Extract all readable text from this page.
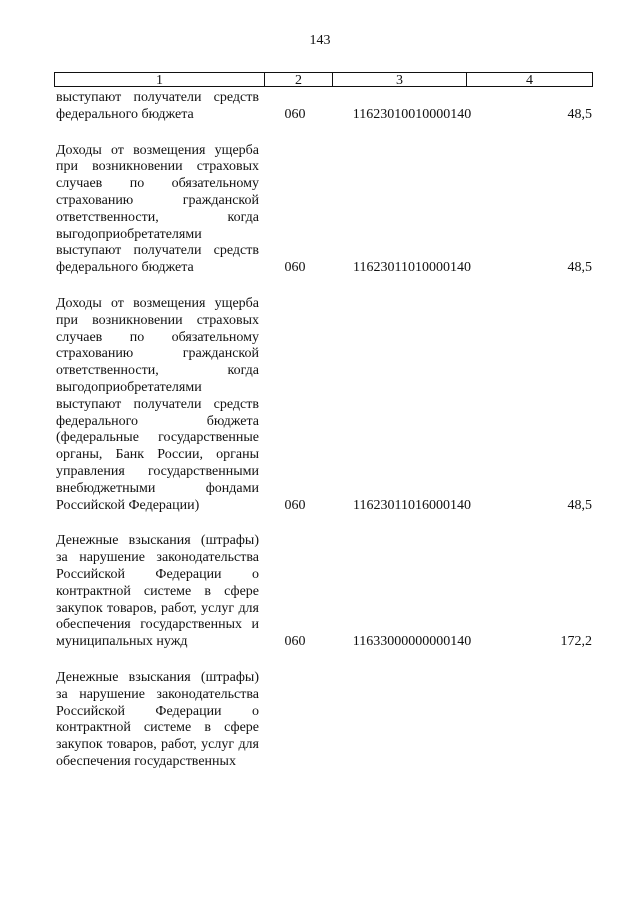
143
1	2	3	4
выступают получатели средств федерального бюджета	060	11623010010000140	48,5
Доходы от возмещения ущерба при возникновении страховых случаев по обязательному страхованию гражданской ответственности, когда выгодоприобретателями выступают получатели средств федерального бюджета	060	11623011010000140	48,5
Доходы от возмещения ущерба при возникновении страховых случаев по обязательному страхованию гражданской ответственности, когда выгодоприобретателями выступают получатели средств федерального бюджета (федеральные государственные органы, Банк России, органы управления государственными внебюджетными фондами Российской Федерации)	060	11623011016000140	48,5
Денежные взыскания (штрафы) за нарушение законодательства Российской Федерации о контрактной системе в сфере закупок товаров, работ, услуг для обеспечения государственных и муниципальных нужд	060	11633000000000140	172,2
Денежные взыскания (штрафы) за нарушение законодательства Российской Федерации о контрактной системе в сфере закупок товаров, работ, услуг для обеспечения государственных
